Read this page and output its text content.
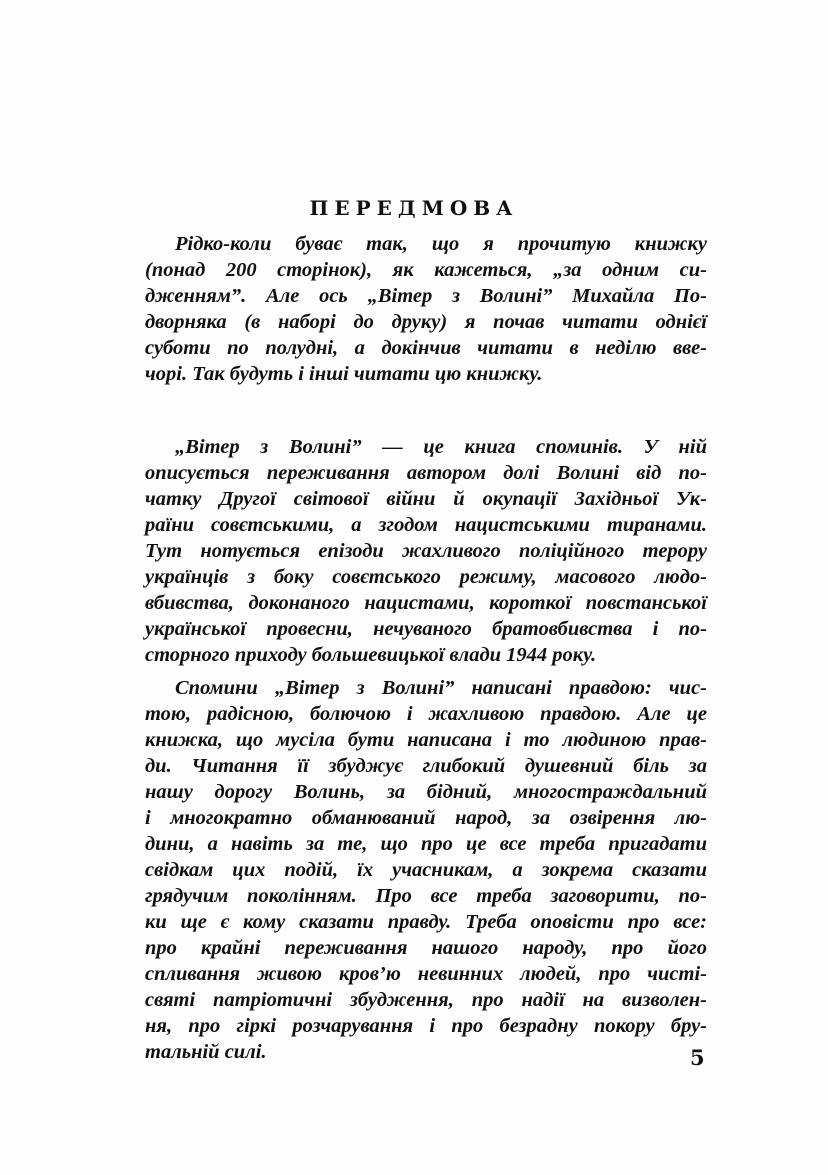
ПЕРЕДМОВА
Рідко-коли буває так, що я прочитую книжку
(понад 200 сторінок), як кажеться, „за одним си-
дженням”. Але ось „Вітер з Волині” Михайла По-
дворняка (в наборі до друку) я почав читати однієї
суботи по полудні, а докінчив читати в неділю вве-
чорі. Так будуть і інші читати цю книжку.
„Вітер з Волині” — це книга споминів. У ній
описується переживання автором долі Волині від по-
чатку Другої світової війни й окупації Західньої Ук-
раїни совєтськими, а згодом нацистськими тиранами.
Тут нотується епізоди жахливого поліційного терору
українців з боку совєтського режиму, масового людо-
вбивства, доконаного нацистами, короткої повстанської
української провесни, нечуваного братовбивства і по-
сторного приходу большевицької влади 1944 року.
Спомини „Вітер з Волині” написані правдою: чис-
тою, радісною, болючою і жахливою правдою. Але це
книжка, що мусіла бути написана і то людиною прав-
ди. Читання її збуджує глибокий душевний біль за
нашу дорогу Волинь, за бідний, многостраждальний
і многократно обманюваний народ, за озвірення лю-
дини, а навіть за те, що про це все треба пригадати
свідкам цих подій, їх учасникам, а зокрема сказати
грядучим поколінням. Про все треба заговорити, по-
ки ще є кому сказати правду. Треба оповісти про все:
про крайні переживання нашого народу, про його
спливання живою кров’ю невинних людей, про чисті-
святі патріотичні збудження, про надії на визволен-
ня, про гіркі розчарування і про безрадну покору бру-
тальній силі.	5
